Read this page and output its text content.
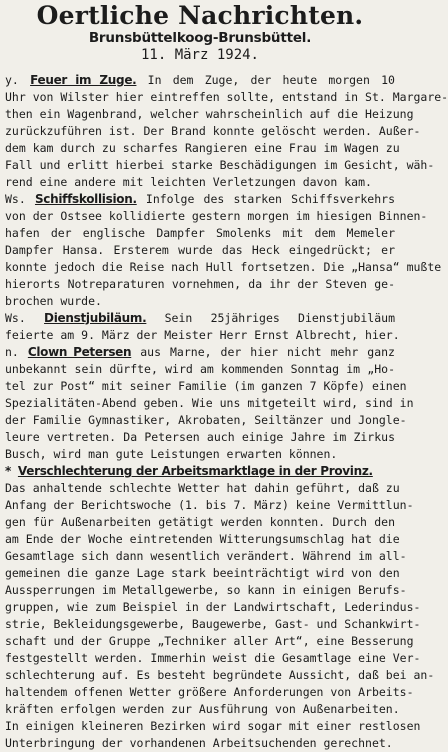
Oertliche Nachrichten.
Brunsbüttelkoog-Brunsbüttel.
11. März 1924.
y. Feuer im Zuge. In dem Zuge, der heute morgen 10
Uhr von Wilster hier eintreffen sollte, entstand in St. Margare-
then ein Wagenbrand, welcher wahrscheinlich auf die Heizung
zurückzuführen ist. Der Brand konnte gelöscht werden. Außer-
dem kam durch zu scharfes Rangieren eine Frau im Wagen zu
Fall und erlitt hierbei starke Beschädigungen im Gesicht, wäh-
rend eine andere mit leichten Verletzungen davon kam.
Ws. Schiffskollision. Infolge des starken Schiffsverkehrs
von der Ostsee kollidierte gestern morgen im hiesigen Binnen-
hafen der englische Dampfer Smolenks mit dem Memeler
Dampfer Hansa. Ersterem wurde das Heck eingedrückt; er
konnte jedoch die Reise nach Hull fortsetzen. Die „Hansa“ mußte
hierorts Notreparaturen vornehmen, da ihr der Steven ge-
brochen wurde.
Ws. Dienstjubiläum. Sein 25jähriges Dienstjubiläum
feierte am 9. März der Meister Herr Ernst Albrecht, hier.
n. Clown Petersen aus Marne, der hier nicht mehr ganz
unbekannt sein dürfte, wird am kommenden Sonntag im „Ho-
tel zur Post“ mit seiner Familie (im ganzen 7 Köpfe) einen
Spezialitäten-Abend geben. Wie uns mitgeteilt wird, sind in
der Familie Gymnastiker, Akrobaten, Seiltänzer und Jongle-
leure vertreten. Da Petersen auch einige Jahre im Zirkus
Busch, wird man gute Leistungen erwarten können.
* Verschlechterung der Arbeitsmarktlage in der Provinz.
Das anhaltende schlechte Wetter hat dahin geführt, daß zu
Anfang der Berichtswoche (1. bis 7. März) keine Vermittlun-
gen für Außenarbeiten getätigt werden konnten. Durch den
am Ende der Woche eintretenden Witterungsumschlag hat die
Gesamtlage sich dann wesentlich verändert. Während im all-
gemeinen die ganze Lage stark beeinträchtigt wird von den
Aussperrungen im Metallgewerbe, so kann in einigen Berufs-
gruppen, wie zum Beispiel in der Landwirtschaft, Lederindus-
strie, Bekleidungsgewerbe, Baugewerbe, Gast- und Schankwirt-
schaft und der Gruppe „Techniker aller Art“, eine Besserung
festgestellt werden. Immerhin weist die Gesamtlage eine Ver-
schlechterung auf. Es besteht begründete Aussicht, daß bei an-
haltendem offenen Wetter größere Anforderungen von Arbeits-
kräften erfolgen werden zur Ausführung von Außenarbeiten.
In einigen kleineren Bezirken wird sogar mit einer restlosen
Unterbringung der vorhandenen Arbeitsuchenden gerechnet.
